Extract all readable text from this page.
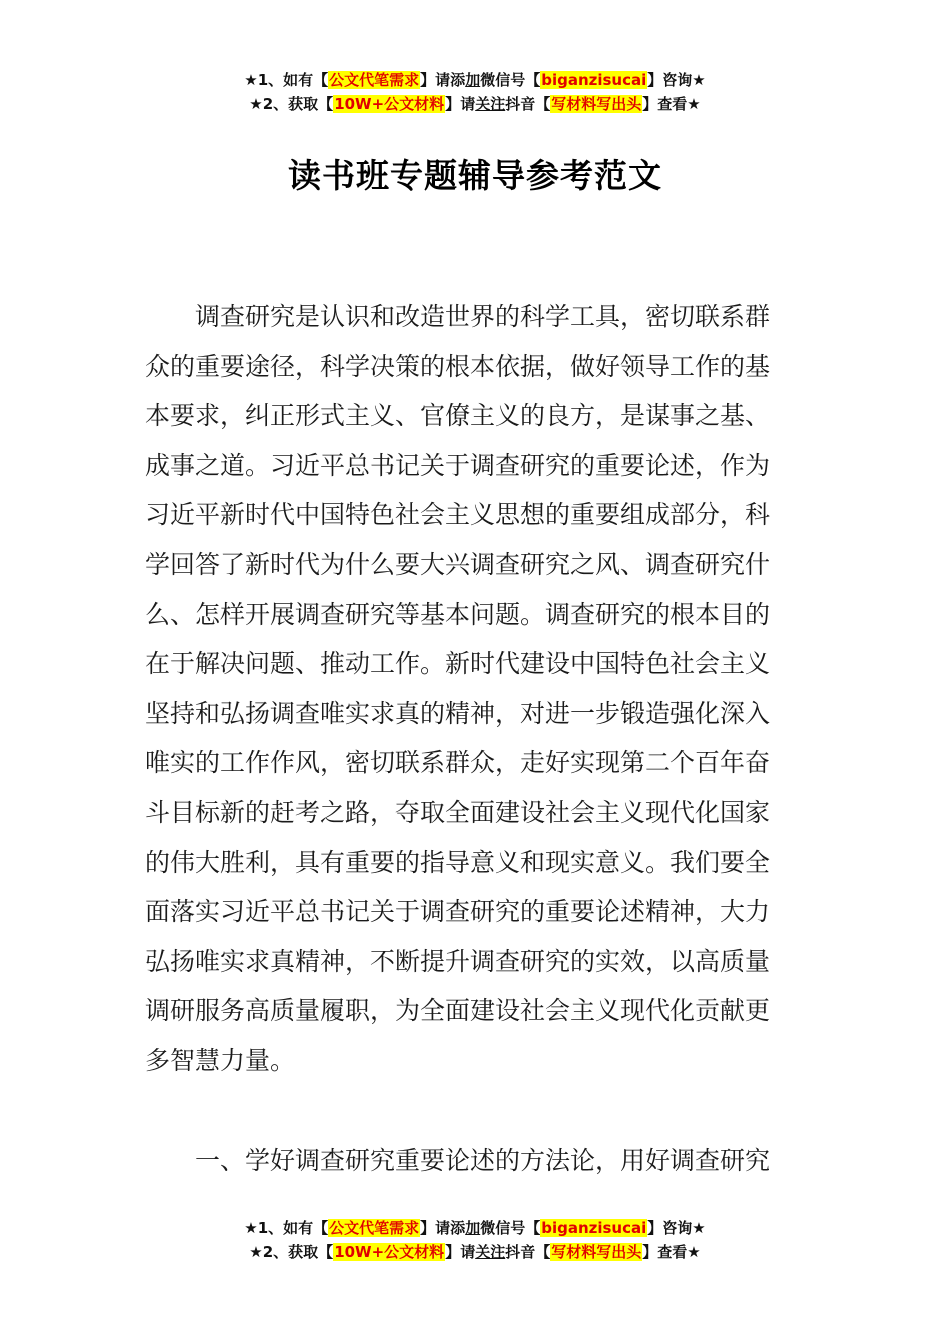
★1、如有【公文代笔需求】请添加微信号【biganzisucai】咨询★
★2、获取【10W+公文材料】请关注抖音【写材料写出头】查看★
读书班专题辅导参考范文

　　调查研究是认识和改造世界的科学工具，密切联系群
众的重要途径，科学决策的根本依据，做好领导工作的基
本要求，纠正形式主义、官僚主义的良方，是谋事之基、
成事之道。习近平总书记关于调查研究的重要论述，作为
习近平新时代中国特色社会主义思想的重要组成部分，科
学回答了新时代为什么要大兴调查研究之风、调查研究什
么、怎样开展调查研究等基本问题。调查研究的根本目的
在于解决问题、推动工作。新时代建设中国特色社会主义
坚持和弘扬调查唯实求真的精神，对进一步锻造强化深入
唯实的工作作风，密切联系群众，走好实现第二个百年奋
斗目标新的赶考之路，夺取全面建设社会主义现代化国家
的伟大胜利，具有重要的指导意义和现实意义。我们要全
面落实习近平总书记关于调查研究的重要论述精神，大力
弘扬唯实求真精神，不断提升调查研究的实效，以高质量
调研服务高质量履职，为全面建设社会主义现代化贡献更
多智慧力量。

一、学好调查研究重要论述的方法论，用好调查研究

★1、如有【公文代笔需求】请添加微信号【biganzisucai】咨询★
★2、获取【10W+公文材料】请关注抖音【写材料写出头】查看★
